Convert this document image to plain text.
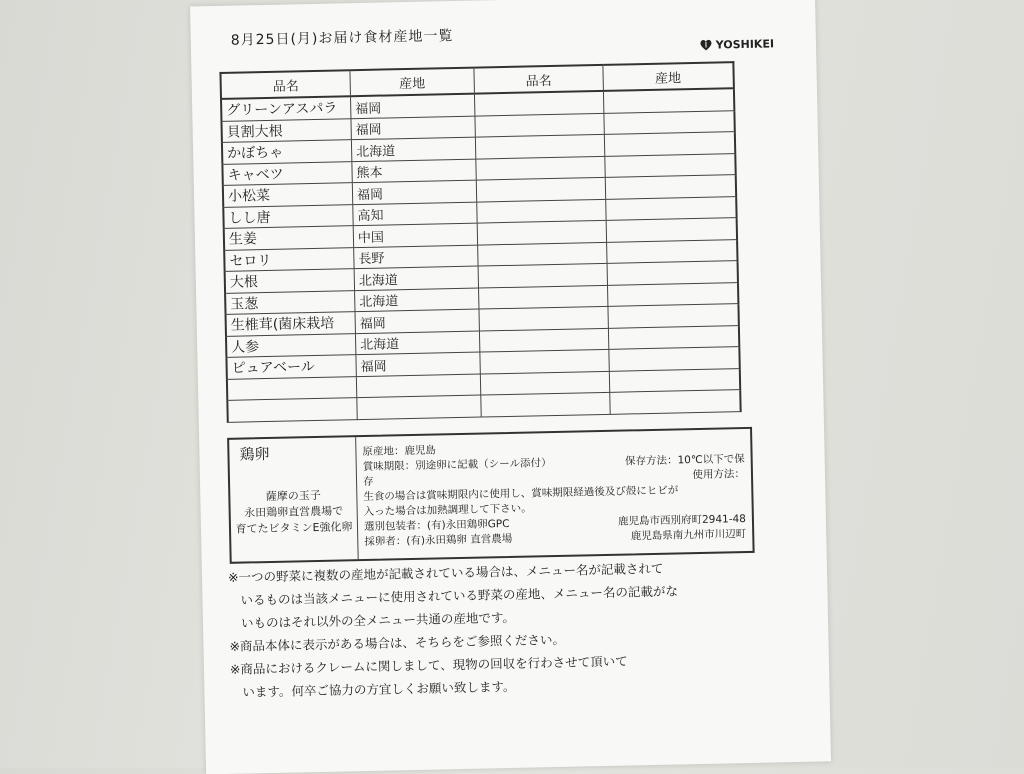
8月25日(月)お届け食材産地一覧	YOSHIKEI
品名	産地	品名	産地
グリーンアスパラ	福岡		
貝割大根	福岡		
かぼちゃ	北海道		
キャベツ	熊本		
小松菜	福岡		
しし唐	高知		
生姜	中国		
セロリ	長野		
大根	北海道		
玉葱	北海道		
生椎茸(菌床栽培	福岡		
人参	北海道		
ピュアベール	福岡		

鶏卵
薩摩の玉子
永田鶏卵直営農場で
育てたビタミンE強化卵
原産地：鹿児島
賞味期限：別途卵に記載（シール添付）	保存方法：10℃以下で保
存
使用方法：
生食の場合は賞味期限内に使用し、賞味期限経過後及び殻にヒビが
入った場合は加熱調理して下さい。
選別包装者：(有)永田鶏卵GPC	鹿児島市西別府町2941-48
採卵者：(有)永田鶏卵 直営農場	鹿児島県南九州市川辺町
※一つの野菜に複数の産地が記載されている場合は、メニュー名が記載されて
いるものは当該メニューに使用されている野菜の産地、メニュー名の記載がな
いものはそれ以外の全メニュー共通の産地です。
※商品本体に表示がある場合は、そちらをご参照ください。
※商品におけるクレームに関しまして、現物の回収を行わさせて頂いて
います。何卒ご協力の方宜しくお願い致します。
